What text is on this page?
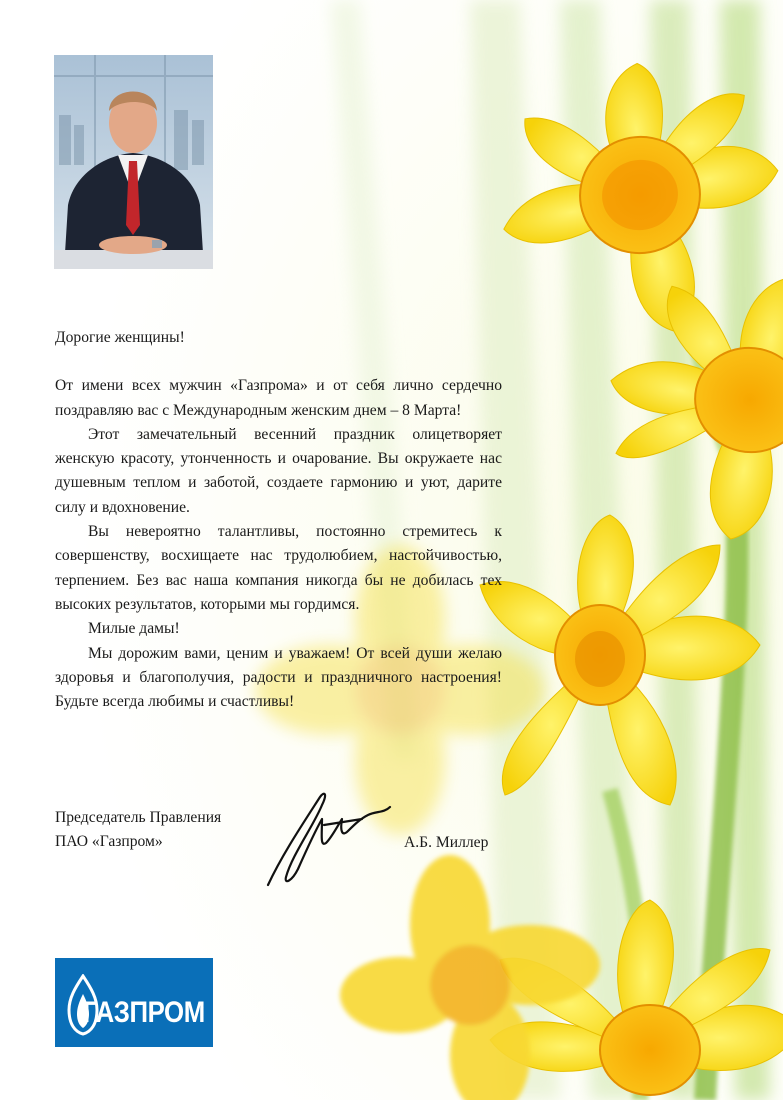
Дорогие женщины!

От имени всех мужчин «Газпрома» и от себя лично сердечно поздравляю вас с Международным женским днем – 8 Марта!

Этот замечательный весенний праздник олицетворяет женскую красоту, утонченность и очарование. Вы окружаете нас душевным теплом и заботой, создаете гармонию и уют, дарите силу и вдохновение.

Вы невероятно талантливы, постоянно стремитесь к совершенству, восхищаете нас трудолюбием, настойчивостью, терпением. Без вас наша компания никогда бы не добилась тех высоких результатов, которыми мы гордимся.

Милые дамы!

Мы дорожим вами, ценим и уважаем! От всей души желаю здоровья и благополучия, радости и праздничного настроения! Будьте всегда любимы и счастливы!

Председатель Правления
ПАО «Газпром»	А.Б. Миллер
ГАЗПРОМ
